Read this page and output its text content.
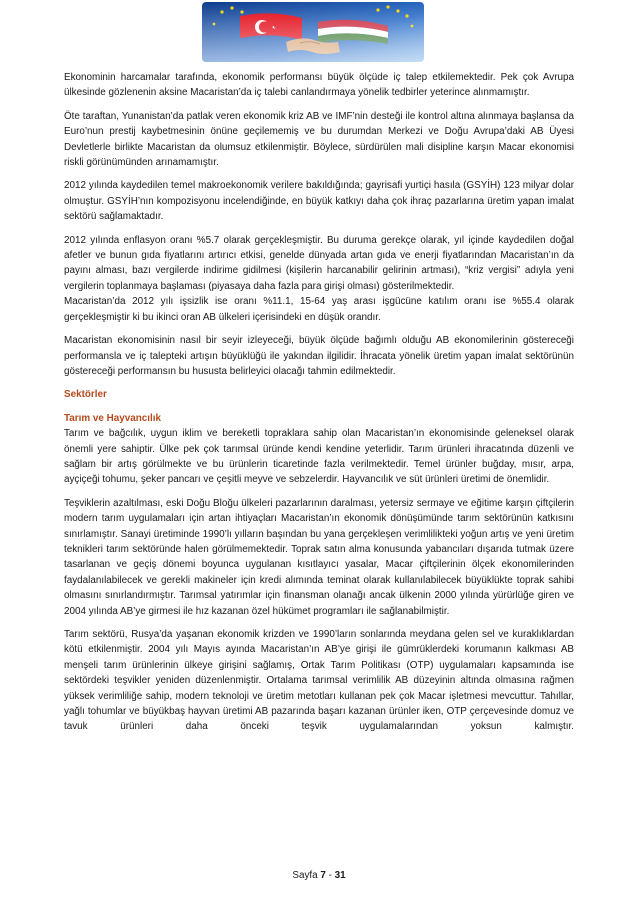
Ekonominin harcamalar tarafında, ekonomik performansı büyük ölçüde iç talep etkilemektedir. Pek çok Avrupa ülkesinde gözlenenin aksine Macaristan’da iç talebi canlandırmaya yönelik tedbirler yeterince alınmamıştır.

Öte taraftan, Yunanistan’da patlak veren ekonomik kriz AB ve IMF’nin desteği ile kontrol altına alınmaya başlansa da Euro’nun prestij kaybetmesinin önüne geçilememiş ve bu durumdan Merkezi ve Doğu Avrupa’daki AB Üyesi Devletlerle birlikte Macaristan da olumsuz etkilenmiştir. Böylece, sürdürülen mali disipline karşın Macar ekonomisi riskli görünümünden arınamamıştır.

2012 yılında kaydedilen temel makroekonomik verilere bakıldığında; gayrisafi yurtiçi hasıla (GSYİH) 123 milyar dolar olmuştur. GSYİH’nın kompozisyonu incelendiğinde, en büyük katkıyı daha çok ihraç pazarlarına üretim yapan imalat sektörü sağlamaktadır.

2012 yılında enflasyon oranı %5.7 olarak gerçekleşmiştir. Bu duruma gerekçe olarak, yıl içinde kaydedilen doğal afetler ve bunun gıda fiyatlarını artırıcı etkisi, genelde dünyada artan gıda ve enerji fiyatlarından Macaristan’ın da payını alması, bazı vergilerde indirime gidilmesi (kişilerin harcanabilir gelirinin artması), “kriz vergisi” adıyla yeni vergilerin toplanmaya başlaması (piyasaya daha fazla para girişi olması) gösterilmektedir.

Macaristan’da 2012 yılı işsizlik ise oranı %11.1, 15-64 yaş arası işgücüne katılım oranı ise %55.4 olarak gerçekleşmiştir ki bu ikinci oran AB ülkeleri içerisindeki en düşük orandır.

Macaristan ekonomisinin nasıl bir seyir izleyeceği, büyük ölçüde bağımlı olduğu AB ekonomilerinin göstereceği performansla ve iç talepteki artışın büyüklüğü ile yakından ilgilidir. İhracata yönelik üretim yapan imalat sektörünün göstereceği performansın bu hususta belirleyici olacağı tahmin edilmektedir.

Sektörler
Tarım ve Hayvancılık

Tarım ve bağcılık, uygun iklim ve bereketli topraklara sahip olan Macaristan’ın ekonomisinde geleneksel olarak önemli yere sahiptir. Ülke pek çok tarımsal üründe kendi kendine yeterlidir. Tarım ürünleri ihracatında düzenli ve sağlam bir artış görülmekte ve bu ürünlerin ticaretinde fazla verilmektedir. Temel ürünler buğday, mısır, arpa, ayçiçeği tohumu, şeker pancarı ve çeşitli meyve ve sebzelerdir. Hayvancılık ve süt ürünleri üretimi de önemlidir.

Teşviklerin azaltılması, eski Doğu Bloğu ülkeleri pazarlarının daralması, yetersiz sermaye ve eğitime karşın çiftçilerin modern tarım uygulamaları için artan ihtiyaçları Macaristan’ın ekonomik dönüşümünde tarım sektörünün katkısını sınırlamıştır. Sanayi üretiminde 1990’lı yılların başından bu yana gerçekleşen verimlilikteki yoğun artış ve yeni üretim teknikleri tarım sektöründe halen görülmemektedir. Toprak satın alma konusunda yabancıları dışarıda tutmak üzere tasarlanan ve geçiş dönemi boyunca uygulanan kısıtlayıcı yasalar, Macar çiftçilerinin ölçek ekonomilerinden faydalanılabilecek ve gerekli makineler için kredi alımında teminat olarak kullanılabilecek büyüklükte toprak sahibi olmasını sınırlandırmıştır. Tarımsal yatırımlar için finansman olanağı ancak ülkenin 2000 yılında yürürlüğe giren ve 2004 yılında AB’ye girmesi ile hız kazanan özel hükümet programları ile sağlanabilmiştir.

Tarım sektörü, Rusya’da yaşanan ekonomik krizden ve 1990’ların sonlarında meydana gelen sel ve kuraklıklardan kötü etkilenmiştir. 2004 yılı Mayıs ayında Macaristan’ın AB’ye girişi ile gümrüklerdeki korumanın kalkması AB menşeli tarım ürünlerinin ülkeye girişini sağlamış, Ortak Tarım Politikası (OTP) uygulamaları kapsamında ise sektördeki teşvikler yeniden düzenlenmiştir. Ortalama tarımsal verimlilik AB düzeyinin altında olmasına rağmen yüksek verimliliğe sahip, modern teknoloji ve üretim metotları kullanan pek çok Macar işletmesi mevcuttur. Tahıllar, yağlı tohumlar ve büyükbaş hayvan üretimi AB pazarında başarı kazanan ürünler iken, OTP çerçevesinde domuz ve tavuk ürünleri daha önceki teşvik uygulamalarından yoksun kalmıştır.

Sayfa 7 - 31
